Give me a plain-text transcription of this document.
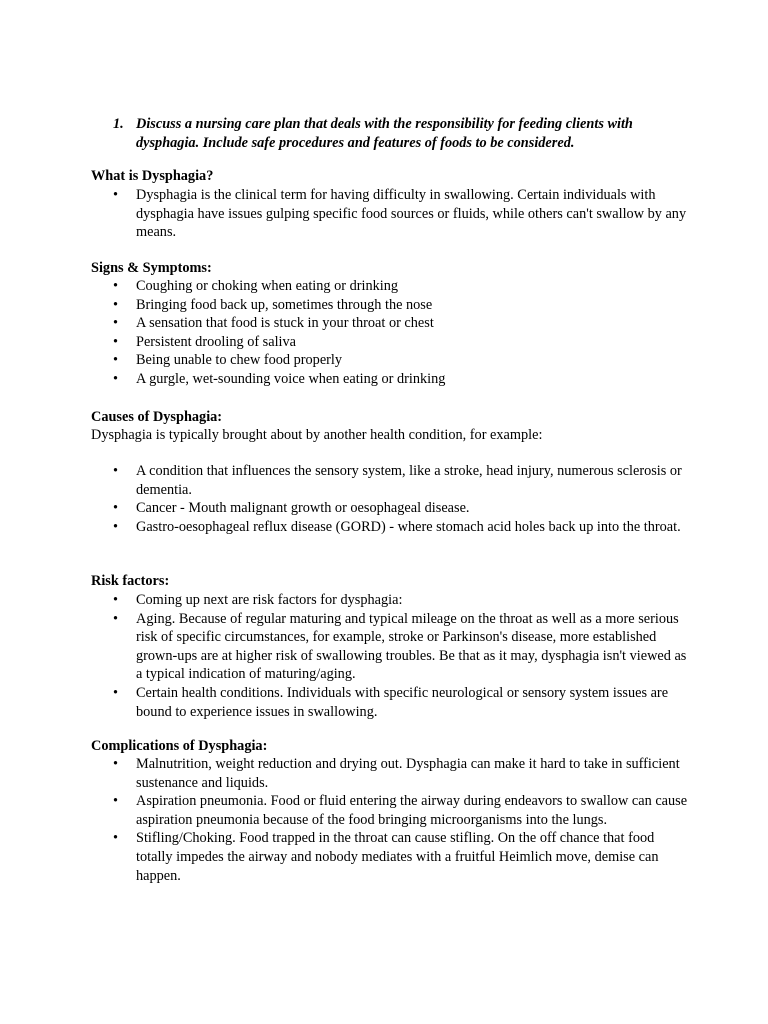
1. Discuss a nursing care plan that deals with the responsibility for feeding clients with dysphagia. Include safe procedures and features of foods to be considered.
What is Dysphagia?
• Dysphagia is the clinical term for having difficulty in swallowing. Certain individuals with dysphagia have issues gulping specific food sources or fluids, while others can't swallow by any means.
Signs & Symptoms:
• Coughing or choking when eating or drinking
• Bringing food back up, sometimes through the nose
• A sensation that food is stuck in your throat or chest
• Persistent drooling of saliva
• Being unable to chew food properly
• A gurgle, wet-sounding voice when eating or drinking
Causes of Dysphagia:
Dysphagia is typically brought about by another health condition, for example:
• A condition that influences the sensory system, like a stroke, head injury, numerous sclerosis or dementia.
• Cancer - Mouth malignant growth or oesophageal disease.
• Gastro-oesophageal reflux disease (GORD) - where stomach acid holes back up into the throat.
Risk factors:
• Coming up next are risk factors for dysphagia:
• Aging. Because of regular maturing and typical mileage on the throat as well as a more serious risk of specific circumstances, for example, stroke or Parkinson's disease, more established grown-ups are at higher risk of swallowing troubles. Be that as it may, dysphagia isn't viewed as a typical indication of maturing/aging.
• Certain health conditions. Individuals with specific neurological or sensory system issues are bound to experience issues in swallowing.
Complications of Dysphagia:
• Malnutrition, weight reduction and drying out. Dysphagia can make it hard to take in sufficient sustenance and liquids.
• Aspiration pneumonia. Food or fluid entering the airway during endeavors to swallow can cause aspiration pneumonia because of the food bringing microorganisms into the lungs.
• Stifling/Choking. Food trapped in the throat can cause stifling. On the off chance that food totally impedes the airway and nobody mediates with a fruitful Heimlich move, demise can happen.
